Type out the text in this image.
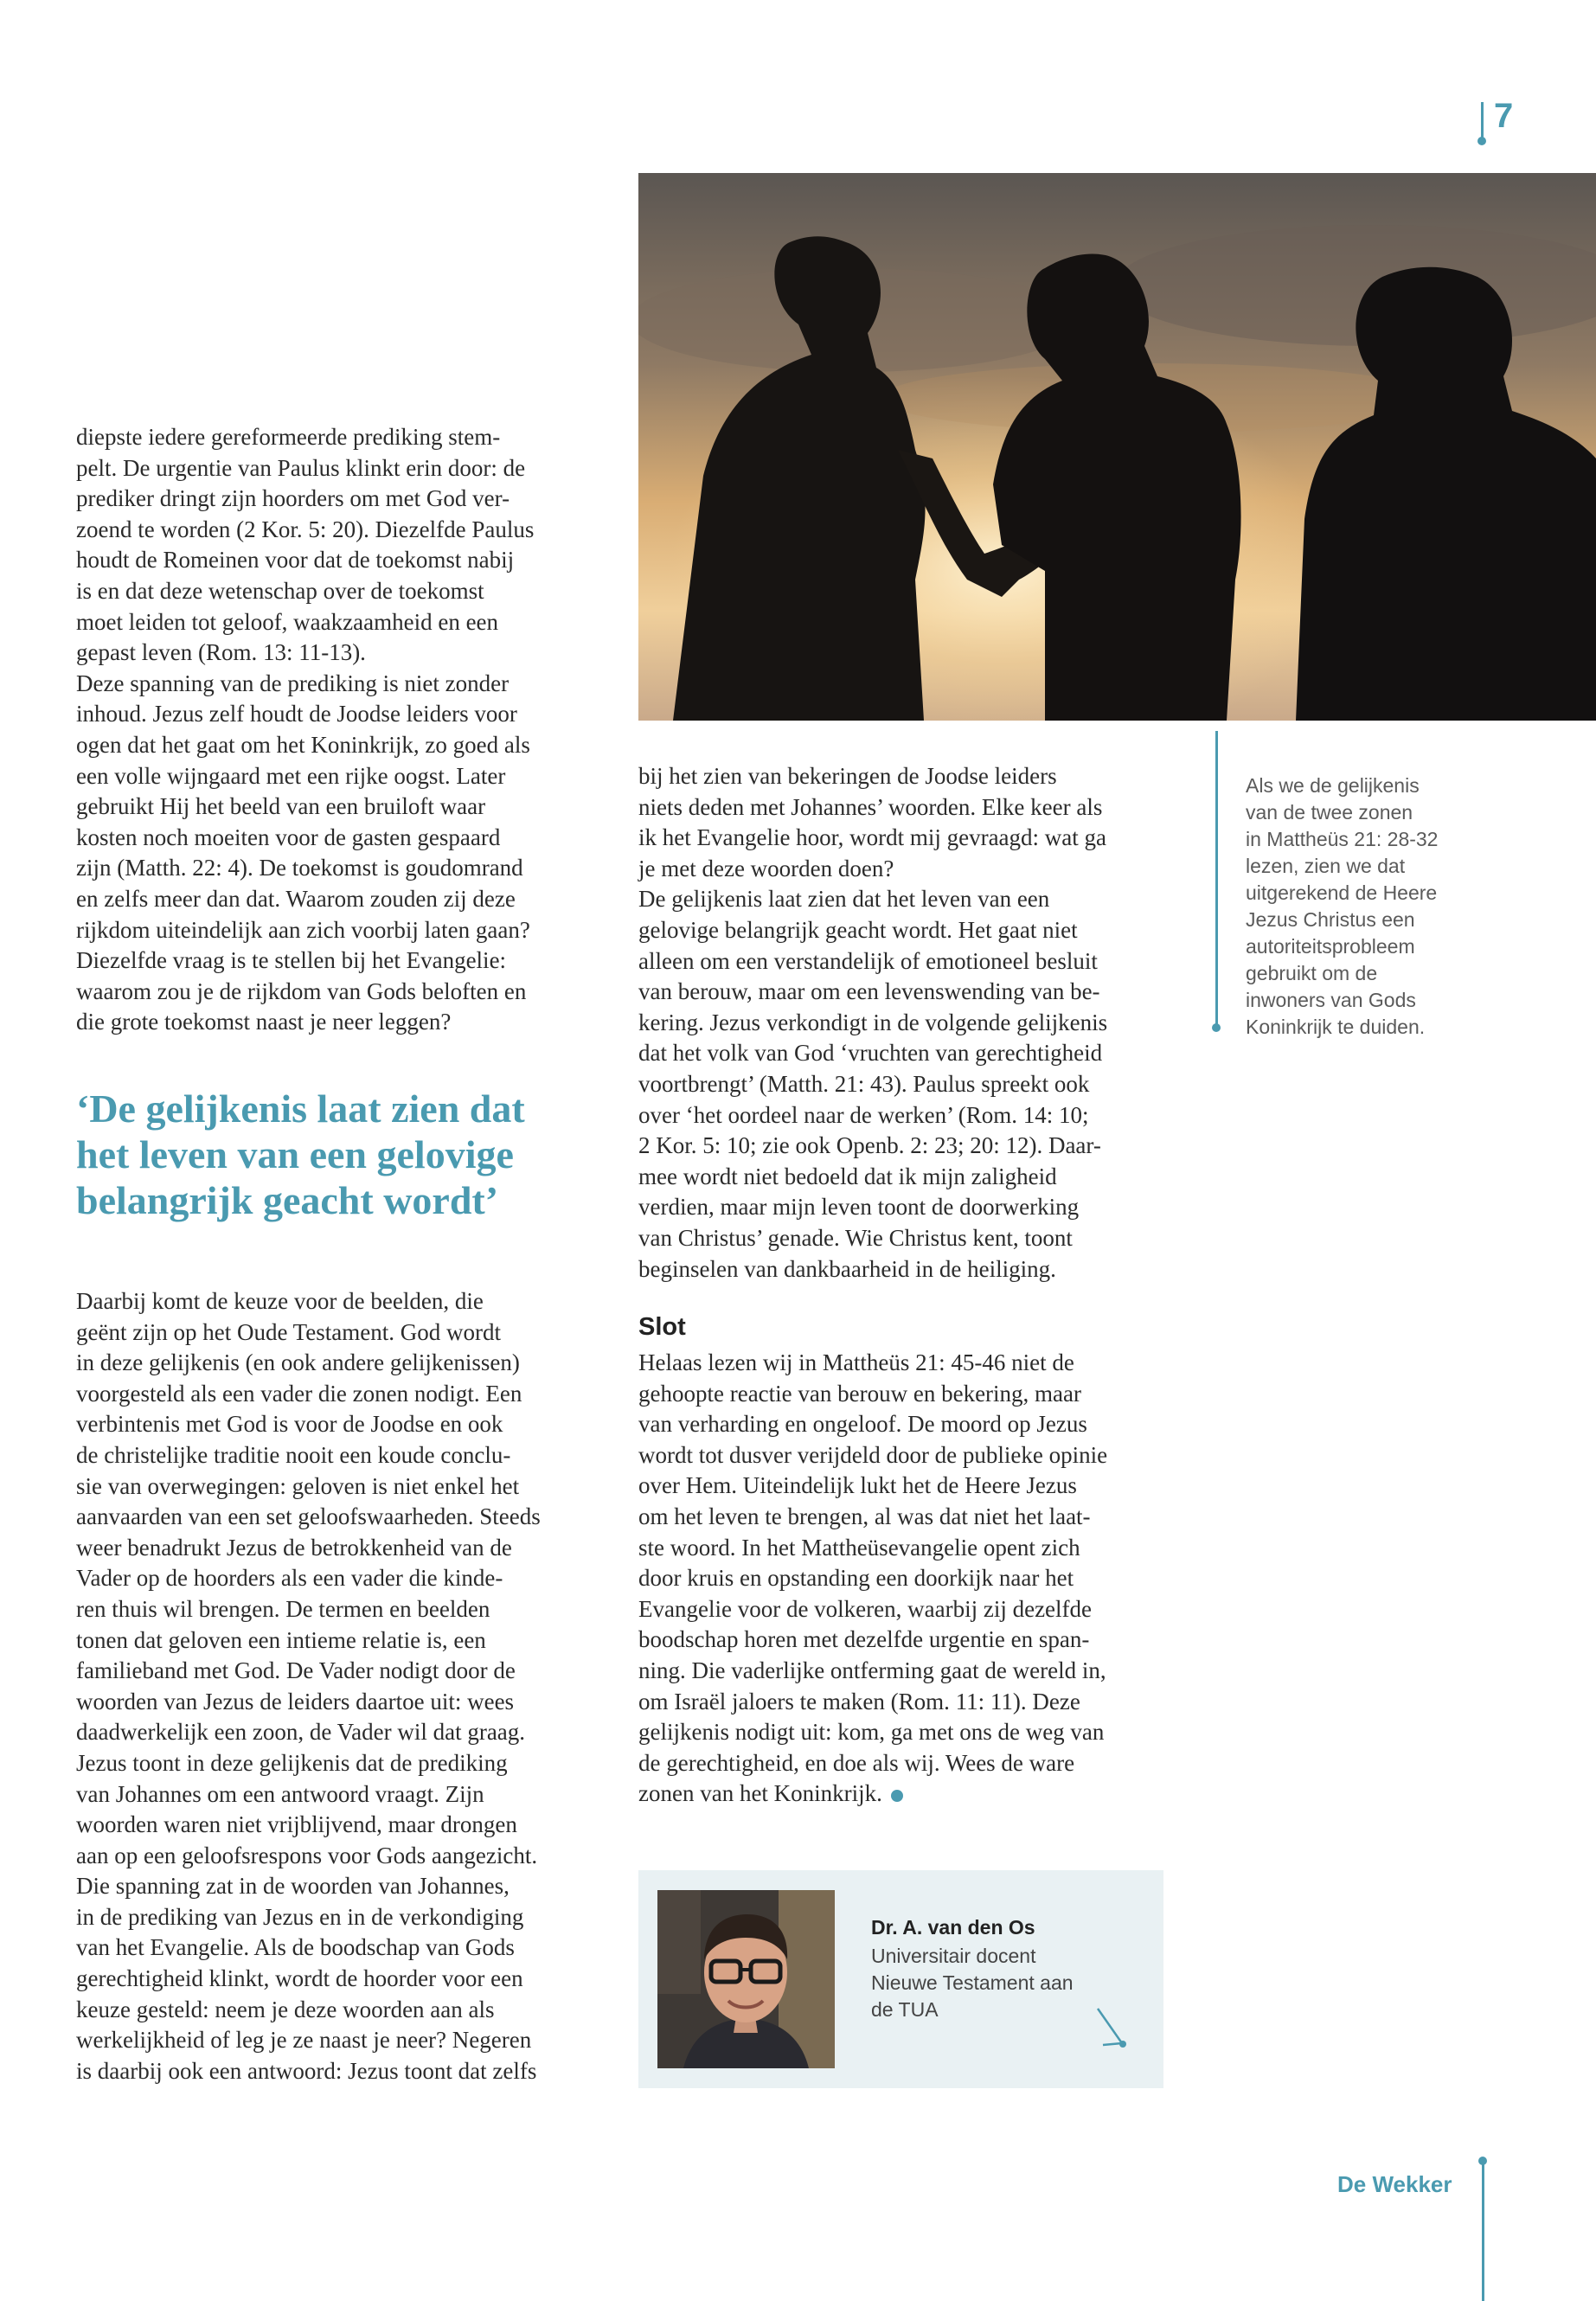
7

diepste iedere gereformeerde prediking stem-

pelt. De urgentie van Paulus klinkt erin door: de

prediker dringt zijn hoorders om met God ver-

zoend te worden (2 Kor. 5: 20). Diezelfde Paulus

houdt de Romeinen voor dat de toekomst nabij

is en dat deze wetenschap over de toekomst

moet leiden tot geloof, waakzaamheid en een

gepast leven (Rom. 13: 11-13).

Deze spanning van de prediking is niet zonder

inhoud. Jezus zelf houdt de Joodse leiders voor

ogen dat het gaat om het Koninkrijk, zo goed als

een volle wijngaard met een rijke oogst. Later

gebruikt Hij het beeld van een bruiloft waar

kosten noch moeiten voor de gasten gespaard

zijn (Matth. 22: 4). De toekomst is goudomrand

en zelfs meer dan dat. Waarom zouden zij deze

rijkdom uiteindelijk aan zich voorbij laten gaan?

Diezelfde vraag is te stellen bij het Evangelie:

waarom zou je de rijkdom van Gods beloften en

die grote toekomst naast je neer leggen?

‘De gelijkenis laat zien dat
het leven van een gelovige
belangrijk geacht wordt’

Daarbij komt de keuze voor de beelden, die

geënt zijn op het Oude Testament. God wordt

in deze gelijkenis (en ook andere gelijkenissen)

voorgesteld als een vader die zonen nodigt. Een

verbintenis met God is voor de Joodse en ook

de christelijke traditie nooit een koude conclu-

sie van overwegingen: geloven is niet enkel het

aanvaarden van een set geloofswaarheden. Steeds

weer benadrukt Jezus de betrokkenheid van de

Vader op de hoorders als een vader die kinde-

ren thuis wil brengen. De termen en beelden

tonen dat geloven een intieme relatie is, een

familieband met God. De Vader nodigt door de

woorden van Jezus de leiders daartoe uit: wees

daadwerkelijk een zoon, de Vader wil dat graag.

Jezus toont in deze gelijkenis dat de prediking

van Johannes om een antwoord vraagt. Zijn

woorden waren niet vrijblijvend, maar drongen

aan op een geloofsrespons voor Gods aangezicht.

Die spanning zat in de woorden van Johannes,

in de prediking van Jezus en in de verkondiging

van het Evangelie. Als de boodschap van Gods

gerechtigheid klinkt, wordt de hoorder voor een

keuze gesteld: neem je deze woorden aan als

werkelijkheid of leg je ze naast je neer? Negeren

is daarbij ook een antwoord: Jezus toont dat zelfs

bij het zien van bekeringen de Joodse leiders

niets deden met Johannes’ woorden. Elke keer als

ik het Evangelie hoor, wordt mij gevraagd: wat ga

je met deze woorden doen?

De gelijkenis laat zien dat het leven van een

gelovige belangrijk geacht wordt. Het gaat niet

alleen om een verstandelijk of emotioneel besluit

van berouw, maar om een levenswending van be-

kering. Jezus verkondigt in de volgende gelijkenis

dat het volk van God ‘vruchten van gerechtigheid

voortbrengt’ (Matth. 21: 43). Paulus spreekt ook

over ‘het oordeel naar de werken’ (Rom. 14: 10;

2 Kor. 5: 10; zie ook Openb. 2: 23; 20: 12). Daar-

mee wordt niet bedoeld dat ik mijn zaligheid

verdien, maar mijn leven toont de doorwerking

van Christus’ genade. Wie Christus kent, toont

beginselen van dankbaarheid in de heiliging.

Slot

Helaas lezen wij in Mattheüs 21: 45-46 niet de

gehoopte reactie van berouw en bekering, maar

van verharding en ongeloof. De moord op Jezus

wordt tot dusver verijdeld door de publieke opinie

over Hem. Uiteindelijk lukt het de Heere Jezus

om het leven te brengen, al was dat niet het laat-

ste woord. In het Mattheüsevangelie opent zich

door kruis en opstanding een doorkijk naar het

Evangelie voor de volkeren, waarbij zij dezelfde

boodschap horen met dezelfde urgentie en span-

ning. Die vaderlijke ontferming gaat de wereld in,

om Israël jaloers te maken (Rom. 11: 11). Deze

gelijkenis nodigt uit: kom, ga met ons de weg van

de gerechtigheid, en doe als wij. Wees de ware

zonen van het Koninkrijk.

Als we de gelijkenis
van de twee zonen
in Mattheüs 21: 28-32
lezen, zien we dat
uitgerekend de Heere
Jezus Christus een
autoriteitsprobleem
gebruikt om de
inwoners van Gods
Koninkrijk te duiden.
Dr. A. van den Os
Universitair docent
Nieuwe Testament aan
de TUA
De Wekker
